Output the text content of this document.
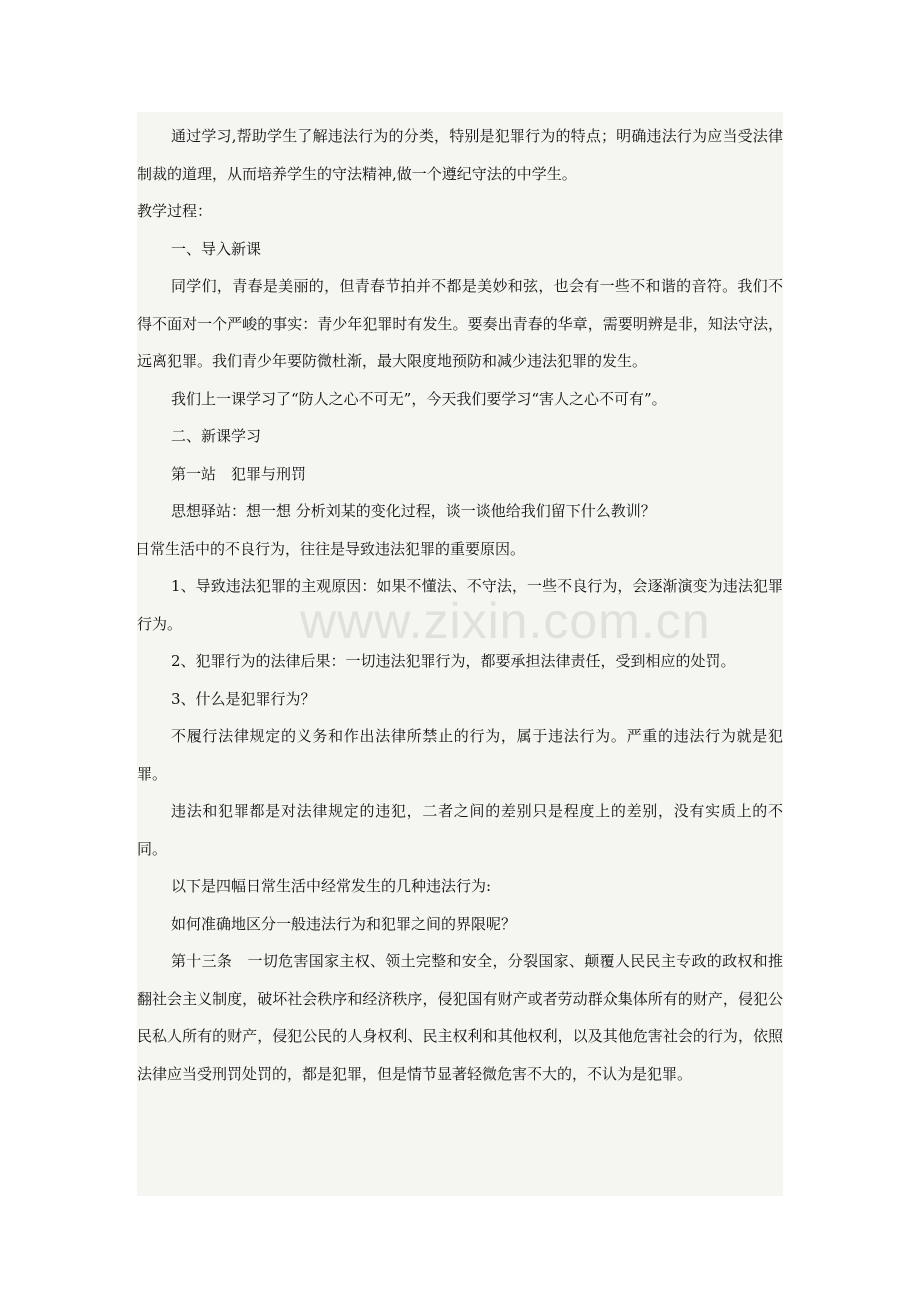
通过学习,帮助学生了解违法行为的分类，特别是犯罪行为的特点；明确违法行为应当受法律制裁的道理，从而培养学生的守法精神,做一个遵纪守法的中学生。

教学过程：

一、导入新课

同学们，青春是美丽的，但青春节拍并不都是美妙和弦，也会有一些不和谐的音符。我们不得不面对一个严峻的事实：青少年犯罪时有发生。要奏出青春的华章，需要明辨是非，知法守法，远离犯罪。我们青少年要防微杜渐，最大限度地预防和减少违法犯罪的发生。

我们上一课学习了“防人之心不可无”，今天我们要学习“害人之心不可有”。

二、新课学习

第一站　犯罪与刑罚

思想驿站：想一想 分析刘某的变化过程，谈一谈他给我们留下什么教训？

日常生活中的不良行为，往往是导致违法犯罪的重要原因。

1、导致违法犯罪的主观原因：如果不懂法、不守法，一些不良行为，会逐渐演变为违法犯罪行为。

2、犯罪行为的法律后果：一切违法犯罪行为，都要承担法律责任，受到相应的处罚。

3、什么是犯罪行为？

不履行法律规定的义务和作出法律所禁止的行为，属于违法行为。严重的违法行为就是犯罪。

违法和犯罪都是对法律规定的违犯，二者之间的差别只是程度上的差别，没有实质上的不同。

以下是四幅日常生活中经常发生的几种违法行为:

如何准确地区分一般违法行为和犯罪之间的界限呢？

第十三条　一切危害国家主权、领土完整和安全，分裂国家、颠覆人民民主专政的政权和推翻社会主义制度，破坏社会秩序和经济秩序，侵犯国有财产或者劳动群众集体所有的财产，侵犯公民私人所有的财产，侵犯公民的人身权利、民主权利和其他权利，以及其他危害社会的行为，依照法律应当受刑罚处罚的，都是犯罪，但是情节显著轻微危害不大的，不认为是犯罪。

www.zixin.com.cn
